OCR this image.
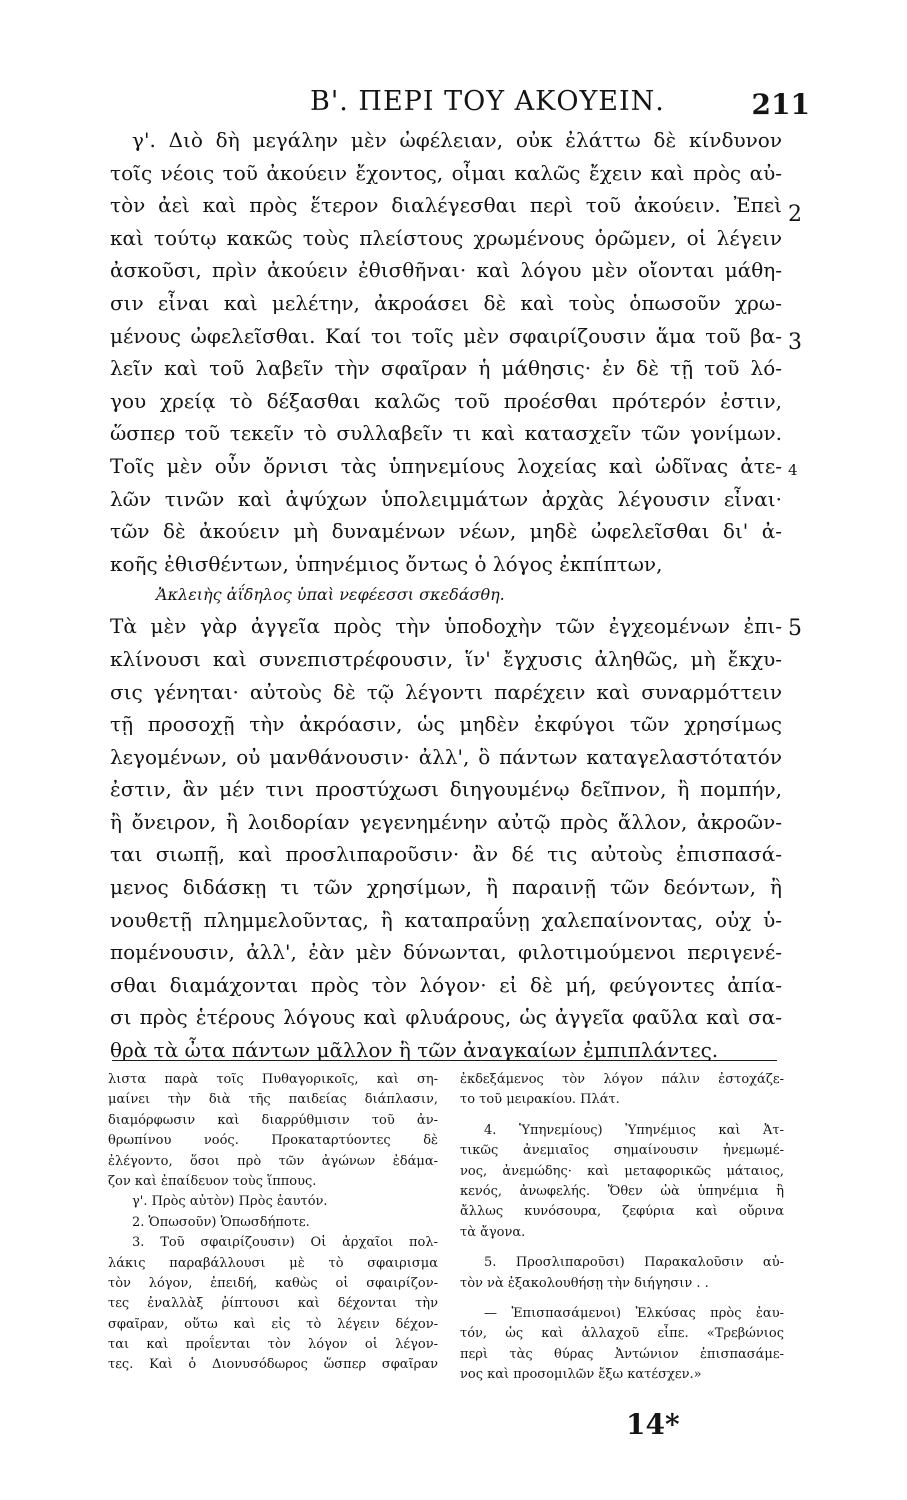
B'. ΠΕΡΙ ΤΟΥ ΑΚΟΥΕΙΝ.	211
γ'. Διὸ δὴ μεγάλην μὲν ὠφέλειαν, οὐκ ἐλάττω δὲ κίνδυνον
τοῖς νέοις τοῦ ἀκούειν ἔχοντος, οἶμαι καλῶς ἔχειν καὶ πρὸς αὐ-
τὸν ἀεὶ καὶ πρὸς ἕτερον διαλέγεσθαι περὶ τοῦ ἀκούειν. Ἐπεὶ
καὶ τούτῳ κακῶς τοὺς πλείστους χρωμένους ὁρῶμεν, οἱ λέγειν
ἀσκοῦσι, πρὶν ἀκούειν ἐθισθῆναι· καὶ λόγου μὲν οἴονται μάθη-
σιν εἶναι καὶ μελέτην, ἀκροάσει δὲ καὶ τοὺς ὁπωσοῦν χρω-
μένους ὠφελεῖσθαι. Καί τοι τοῖς μὲν σφαιρίζουσιν ἅμα τοῦ βα-
λεῖν καὶ τοῦ λαβεῖν τὴν σφαῖραν ἡ μάθησις· ἐν δὲ τῇ τοῦ λό-
γου χρείᾳ τὸ δέξασθαι καλῶς τοῦ προέσθαι πρότερόν ἐστιν,
ὥσπερ τοῦ τεκεῖν τὸ συλλαβεῖν τι καὶ κατασχεῖν τῶν γονίμων.
Τοῖς μὲν οὖν ὄρνισι τὰς ὑπηνεμίους λοχείας καὶ ὠδῖνας ἀτε-
λῶν τινῶν καὶ ἀψύχων ὑπολειμμάτων ἀρχὰς λέγουσιν εἶναι·
τῶν δὲ ἀκούειν μὴ δυναμένων νέων, μηδὲ ὠφελεῖσθαι δι' ἀ-
κοῆς ἐθισθέντων, ὑπηνέμιος ὄντως ὁ λόγος ἐκπίπτων,
Ἀκλειὴς ἀΐδηλος ὑπαὶ νεφέεσσι σκεδάσθη.
Τὰ μὲν γὰρ ἀγγεῖα πρὸς τὴν ὑποδοχὴν τῶν ἐγχεομένων ἐπι-
κλίνουσι καὶ συνεπιστρέφουσιν, ἵν' ἔγχυσις ἀληθῶς, μὴ ἔκχυ-
σις γένηται· αὐτοὺς δὲ τῷ λέγοντι παρέχειν καὶ συναρμόττειν
τῇ προσοχῇ τὴν ἀκρόασιν, ὡς μηδὲν ἐκφύγοι τῶν χρησίμως
λεγομένων, οὐ μανθάνουσιν· ἀλλ', ὃ πάντων καταγελαστότατόν
ἐστιν, ἂν μέν τινι προστύχωσι διηγουμένῳ δεῖπνον, ἢ πομπήν,
ἢ ὄνειρον, ἢ λοιδορίαν γεγενημένην αὐτῷ πρὸς ἄλλον, ἀκροῶν-
ται σιωπῇ, καὶ προσλιπαροῦσιν· ἂν δέ τις αὐτοὺς ἐπισπασά-
μενος διδάσκῃ τι τῶν χρησίμων, ἢ παραινῇ τῶν δεόντων, ἢ
νουθετῇ πλημμελοῦντας, ἢ καταπραΰνῃ χαλεπαίνοντας, οὐχ ὑ-
πομένουσιν, ἀλλ', ἐὰν μὲν δύνωνται, φιλοτιμούμενοι περιγενέ-
σθαι διαμάχονται πρὸς τὸν λόγον· εἰ δὲ μή, φεύγοντες ἀπία-
σι πρὸς ἑτέρους λόγους καὶ φλυάρους, ὡς ἀγγεῖα φαῦλα καὶ σα-
θρὰ τὰ ὦτα πάντων μᾶλλον ἢ τῶν ἀναγκαίων ἐμπιπλάντες.
2
3
4
5
λιστα παρὰ τοῖς Πυθαγορικοῖς, καὶ ση-
μαίνει τὴν διὰ τῆς παιδείας διάπλασιν,
διαμόρφωσιν καὶ διαρρύθμισιν τοῦ ἀν-
θρωπίνου νοός. Προκαταρτύοντες δὲ
ἐλέγοντο, ὅσοι πρὸ τῶν ἀγώνων ἐδάμα-
ζον καὶ ἐπαίδευον τοὺς ἵππους.
γ'. Πρὸς αὐτὸν) Πρὸς ἑαυτόν.
2. Ὁπωσοῦν) Ὁπωσδήποτε.
3. Τοῦ σφαιρίζουσιν) Οἱ ἀρχαῖοι πολ-
λάκις παραβάλλουσι μὲ τὸ σφαιρισμα
τὸν λόγον, ἐπειδή, καθὼς οἱ σφαιρίζον-
τες ἐναλλὰξ ῥίπτουσι καὶ δέχονται τὴν
σφαῖραν, οὕτω καὶ εἰς τὸ λέγειν δέχον-
ται καὶ προΐενται τὸν λόγον οἱ λέγον-
τες. Καὶ ὁ Διονυσόδωρος ὥσπερ σφαῖραν
ἐκδεξάμενος τὸν λόγον πάλιν ἐστοχάζε-
το τοῦ μειρακίου. Πλάτ.
4. Ὑπηνεμίους) Ὑπηνέμιος καὶ Ἀτ-
τικῶς ἀνεμιαῖος σημαίνουσιν ἠνεμωμέ-
νος, ἀνεμώδης· καὶ μεταφορικῶς μάταιος,
κενός, ἀνωφελής. Ὅθεν ὠὰ ὑπηνέμια ἢ
ἄλλως κυνόσουρα, ζεφύρια καὶ οὔρινα
τὰ ἄγονα.
5. Προσλιπαροῦσι) Παρακαλοῦσιν αὐ-
τὸν νὰ ἐξακολουθήσῃ τὴν διήγησιν . .
— Ἐπισπασάμενοι) Ἑλκύσας πρὸς ἑαυ-
τόν, ὡς καὶ ἀλλαχοῦ εἶπε. «Τρεβώνιος
περὶ τὰς θύρας Ἀντώνιον ἐπισπασάμε-
νος καὶ προσομιλῶν ἔξω κατέσχεν.»
14*
